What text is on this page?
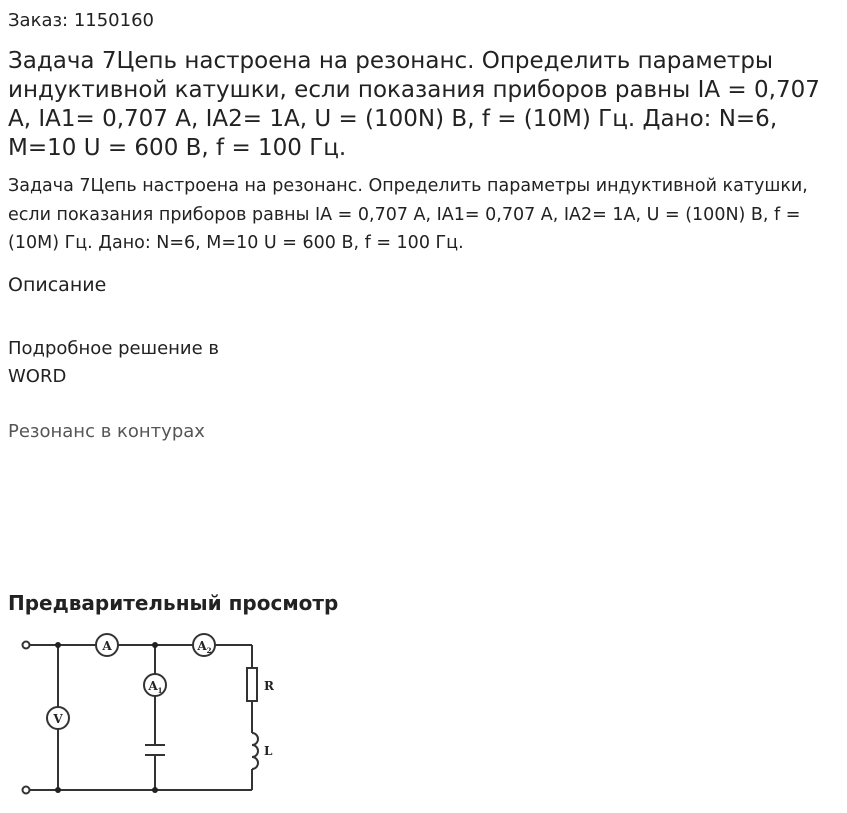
Заказ: 1150160
Задача 7Цепь настроена на резонанс. Определить параметры индуктивной катушки, если показания приборов равны IA = 0,707 А, IA1= 0,707 А, IA2= 1А, U = (100N) В, f = (10M) Гц. Дано: N=6, M=10 U = 600 В, f = 100 Гц.
Задача 7Цепь настроена на резонанс. Определить параметры индуктивной катушки, если показания приборов равны IA = 0,707 А, IA1= 0,707 А, IA2= 1А, U = (100N) В, f = (10M) Гц. Дано: N=6, M=10 U = 600 В, f = 100 Гц.
Описание
Подробное решение в WORD
Резонанс в контурах
Предварительный просмотр
A	A 2
A 1
V
R
L
